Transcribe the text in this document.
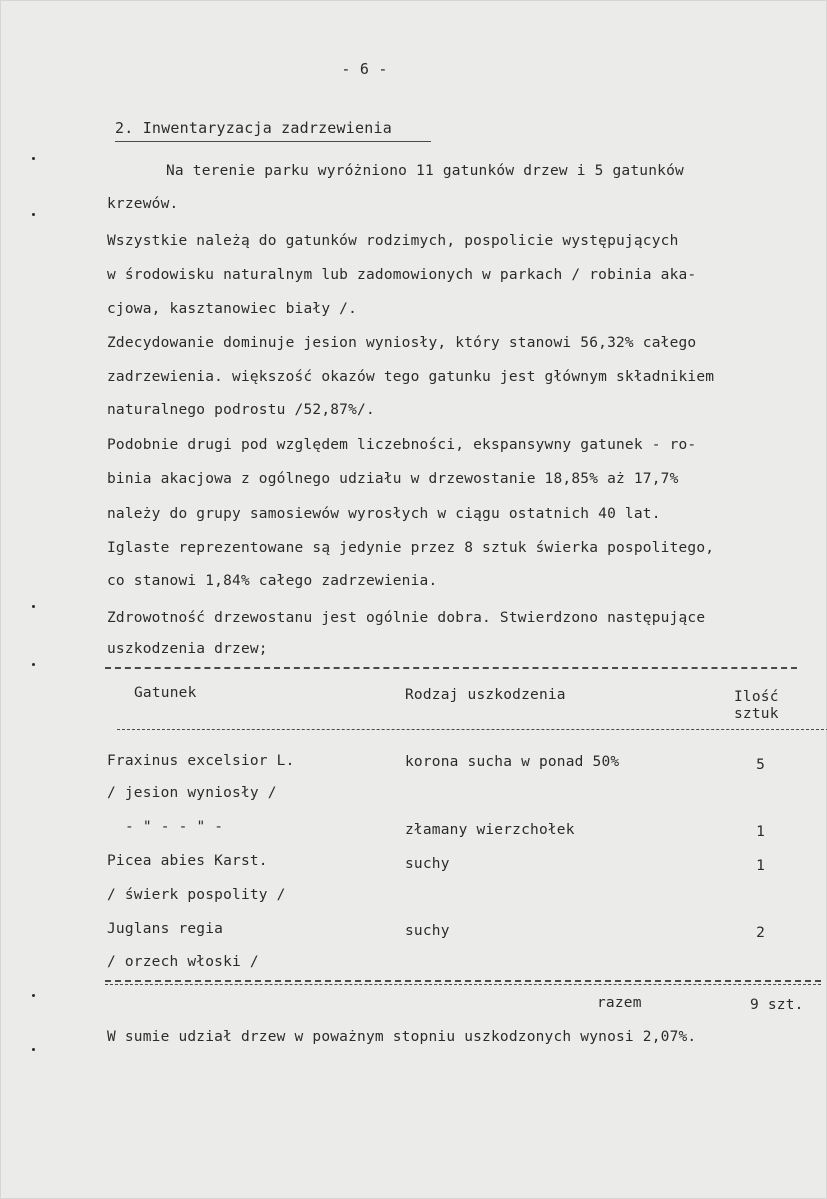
- 6 -
2. Inwentaryzacja zadrzewienia
Na terenie parku wyróżniono 11 gatunków drzew i 5 gatunków
krzewów.
Wszystkie należą do gatunków rodzimych, pospolicie występujących
w środowisku naturalnym lub zadomowionych w parkach / robinia aka-
cjowa, kasztanowiec biały /.
Zdecydowanie dominuje jesion wyniosły, który stanowi 56,32% całego
zadrzewienia. większość okazów tego gatunku jest głównym składnikiem
naturalnego podrostu /52,87%/.
Podobnie drugi pod względem liczebności, ekspansywny gatunek - ro-
binia akacjowa z ogólnego udziału w drzewostanie 18,85% aż 17,7%
należy do grupy samosiewów wyrosłych w ciągu ostatnich 40 lat.
Iglaste reprezentowane są jedynie przez 8 sztuk świerka pospolitego,
co stanowi 1,84% całego zadrzewienia.
Zdrowotność drzewostanu jest ogólnie dobra. Stwierdzono następujące
uszkodzenia drzew;
Gatunek	Rodzaj uszkodzenia	Ilość
sztuk
Fraxinus excelsior L.	korona sucha w ponad 50%	5
/ jesion wyniosły /
- " - - " -	złamany wierzchołek	1
Picea abies Karst.	suchy	1
/ świerk pospolity /
Juglans regia	suchy	2
/ orzech włoski /
razem	9 szt.
W sumie udział drzew w poważnym stopniu uszkodzonych wynosi 2,07%.
